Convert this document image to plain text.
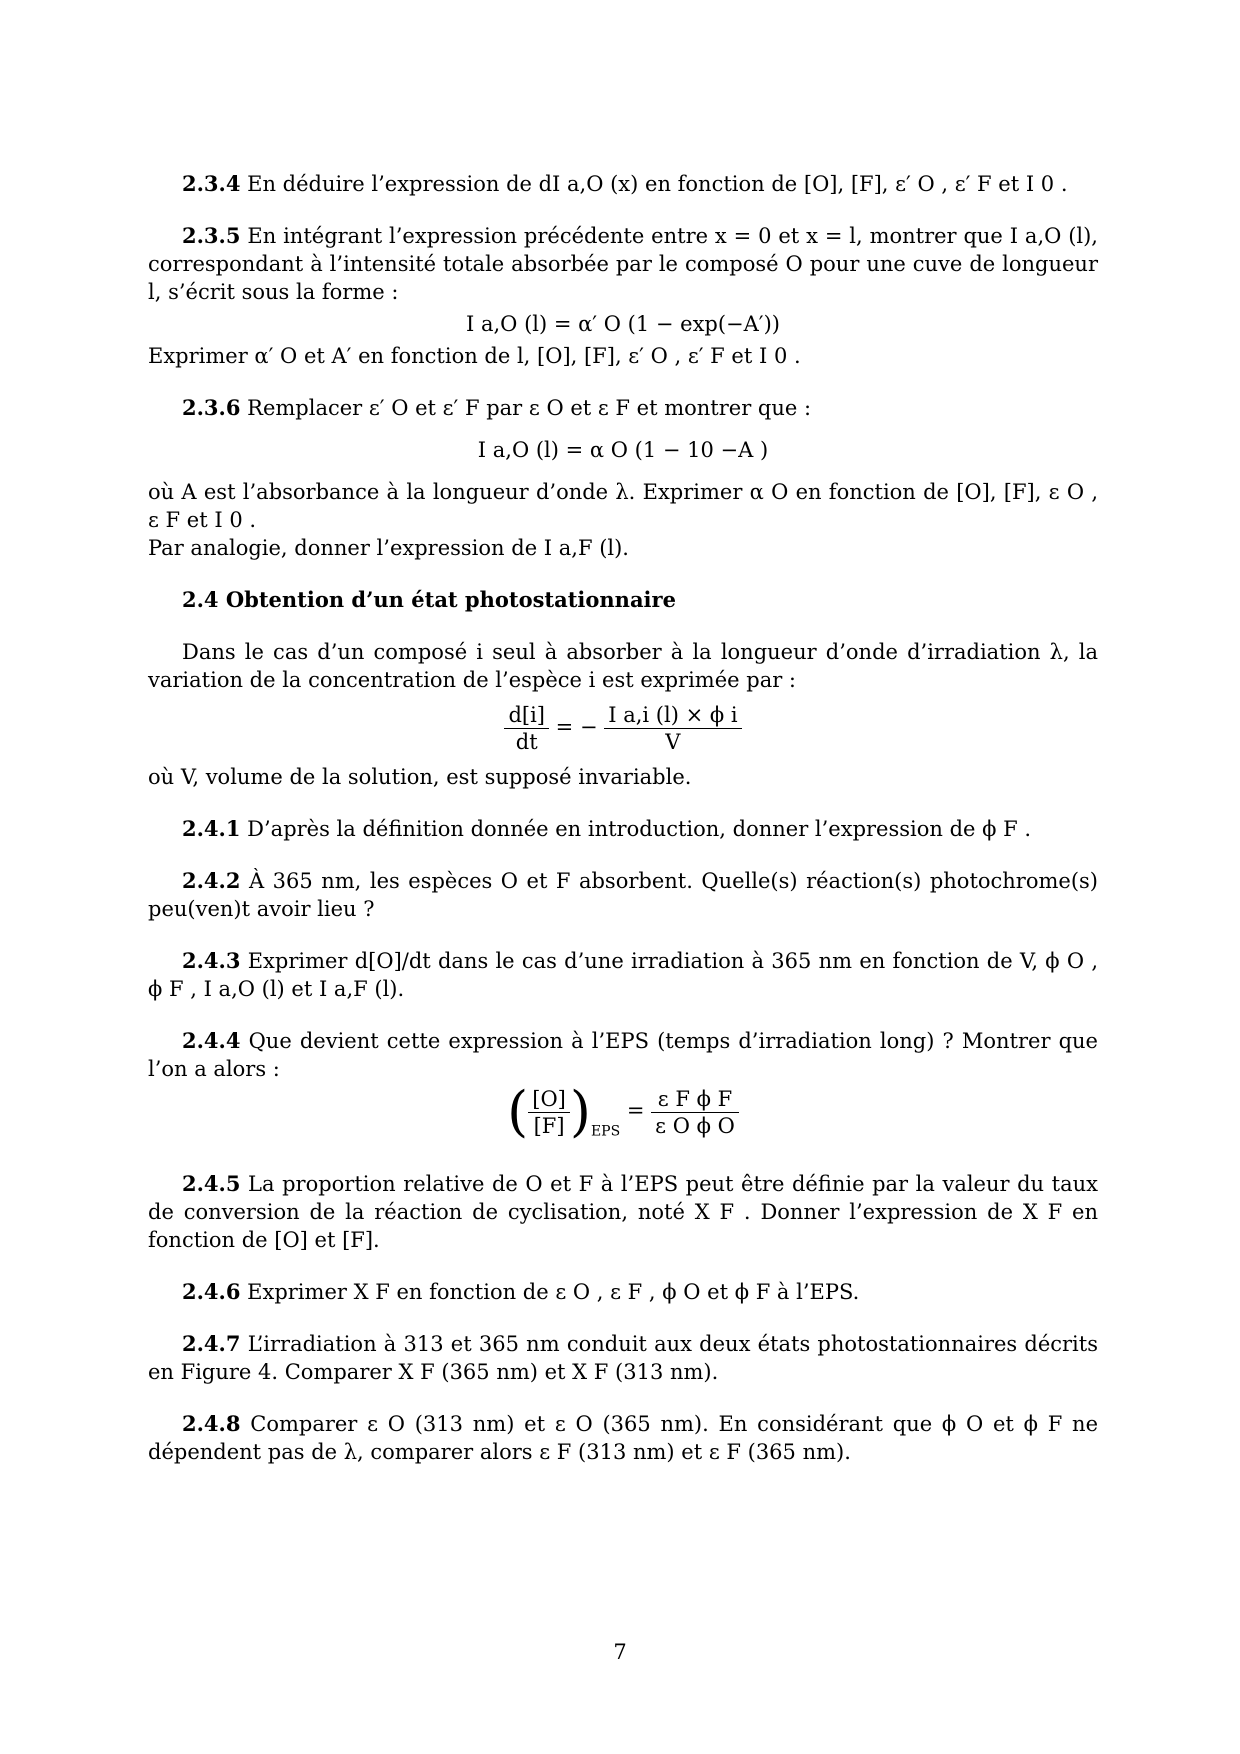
2.3.4 En déduire l’expression de dI a,O (x) en fonction de [O], [F], ε′ O , ε′ F et I 0 .

2.3.5 En intégrant l’expression précédente entre x = 0 et x = l, montrer que I a,O (l), correspondant à l’intensité totale absorbée par le composé O pour une cuve de longueur l, s’écrit sous la forme :

I a,O (l) = α′ O (1 − exp(−A′))

Exprimer α′ O et A′ en fonction de l, [O], [F], ε′ O , ε′ F et I 0 .

2.3.6 Remplacer ε′ O et ε′ F par ε O et ε F et montrer que :

I a,O (l) = α O (1 − 10 −A )

où A est l’absorbance à la longueur d’onde λ. Exprimer α O en fonction de [O], [F], ε O , ε F et I 0 .

Par analogie, donner l’expression de I a,F (l).

2.4 Obtention d’un état photostationnaire

Dans le cas d’un composé i seul à absorber à la longueur d’onde d’irradiation λ, la variation de la concentration de l’espèce i est exprimée par :

$\frac{d[i]}{dt}$ = − $\frac{\text{I a,i (l) × ϕ i}}{V}$

où V, volume de la solution, est supposé invariable.

2.4.1 D’après la définition donnée en introduction, donner l’expression de ϕ F .

2.4.2 À 365 nm, les espèces O et F absorbent. Quelle(s) réaction(s) photochrome(s) peu(ven)t avoir lieu ?

2.4.3 Exprimer d[O]/dt dans le cas d’une irradiation à 365 nm en fonction de V, ϕ O , ϕ F , I a,O (l) et I a,F (l).

2.4.4 Que devient cette expression à l’EPS (temps d’irradiation long) ? Montrer que l’on a alors :

( $\frac{[O]}{[F]} )_{EPS} = \frac{\text{ε F ϕ F}}{\text{ε O ϕ O}}$

2.4.5 La proportion relative de O et F à l’EPS peut être définie par la valeur du taux de conversion de la réaction de cyclisation, noté X F . Donner l’expression de X F en fonction de [O] et [F].

2.4.6 Exprimer X F en fonction de ε O , ε F , ϕ O et ϕ F à l’EPS.

2.4.7 L’irradiation à 313 et 365 nm conduit aux deux états photostationnaires décrits en Figure 4. Comparer X F (365 nm) et X F (313 nm).

2.4.8 Comparer ε O (313 nm) et ε O (365 nm). En considérant que ϕ O et ϕ F ne dépendent pas de λ, comparer alors ε F (313 nm) et ε F (365 nm).

7
